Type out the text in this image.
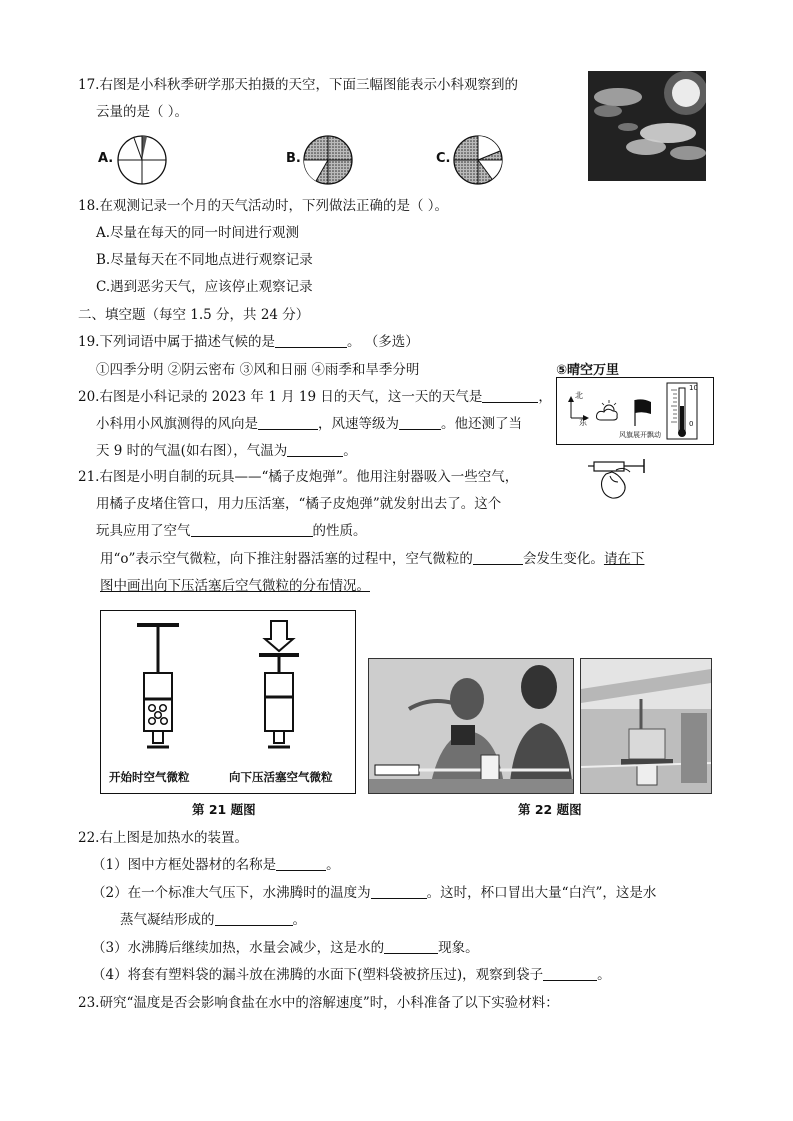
17.右图是小科秋季研学那天拍摄的天空，下面三幅图能表示小科观察到的
云量的是（ ）。
A.	B.	C.
18.在观测记录一个月的天气活动时，下列做法正确的是（ ）。
A.尽量在每天的同一时间进行观测
B.尽量每天在不同地点进行观察记录
C.遇到恶劣天气，应该停止观察记录
二、填空题（每空 1.5 分，共 24 分）
19.下列词语中属于描述气候的是	。 （多选）
①四季分明 ②阴云密布 ③风和日丽 ④雨季和旱季分明	⑤晴空万里
北
东
风旗展开飘动
10
0
20.右图是小科记录的 2023 年 1 月 19 日的天气，这一天的天气是	，
小科用小风旗测得的风向是	，风速等级为	。他还测了当
天 9 时的气温(如右图），气温为	。
21.右图是小明自制的玩具——“橘子皮炮弹”。他用注射器吸入一些空气，
用橘子皮堵住管口，用力压活塞，“橘子皮炮弹”就发射出去了。这个
玩具应用了空气	的性质。
用“o”表示空气微粒，向下推注射器活塞的过程中，空气微粒的	会发生变化。请在下
图中画出向下压活塞后空气微粒的分布情况。
开始时空气微粒	向下压活塞空气微粒
第 21 题图	第 22 题图
22.右上图是加热水的装置。
（1）图中方框处器材的名称是	。
（2）在一个标准大气压下，水沸腾时的温度为	。这时，杯口冒出大量“白汽”，这是水
蒸气凝结形成的	。
（3）水沸腾后继续加热，水量会减少，这是水的	现象。
（4）将套有塑料袋的漏斗放在沸腾的水面下(塑料袋被挤压过)，观察到袋子	。
23.研究“温度是否会影响食盐在水中的溶解速度”时，小科准备了以下实验材料：
